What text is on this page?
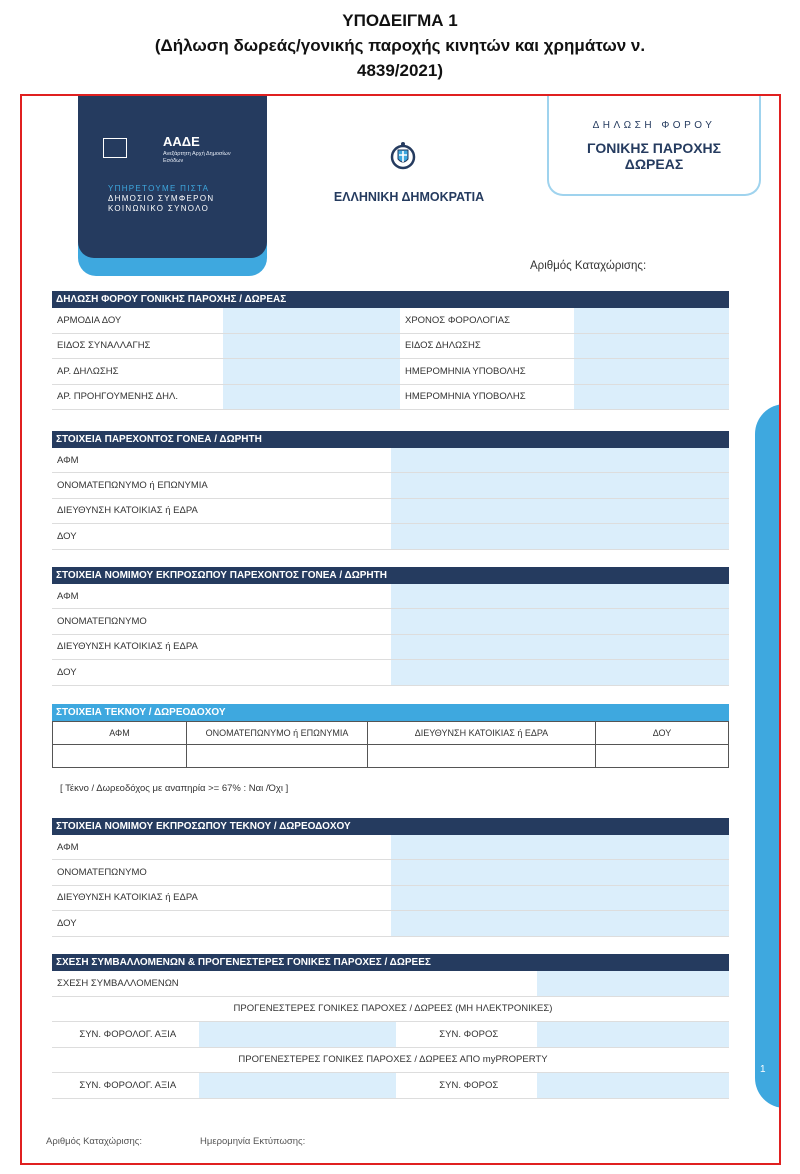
ΥΠΟΔΕΙΓΜΑ 1
(Δήλωση δωρεάς/γονικής παροχής κινητών και χρημάτων ν.
4839/2021)
ΑΑΔΕ
Ανεξάρτητη Αρχή Δημοσίων Εσόδων
ΥΠΗΡΕΤΟΥΜΕ ΠΙΣΤΑ
ΔΗΜΟΣΙΟ ΣΥΜΦΕΡΟΝ
ΚΟΙΝΩΝΙΚΟ ΣΥΝΟΛΟ
ΕΛΛΗΝΙΚΗ ΔΗΜΟΚΡΑΤΙΑ
ΔΗΛΩΣΗ ΦΟΡΟΥ
ΓΟΝΙΚΗΣ ΠΑΡΟΧΗΣ
ΔΩΡΕΑΣ
Αριθμός Καταχώρισης:
1
ΔΗΛΩΣΗ ΦΟΡΟΥ ΓΟΝΙΚΗΣ ΠΑΡΟΧΗΣ / ΔΩΡΕΑΣ
ΑΡΜΟΔΙΑ ΔΟΥ		ΧΡΟΝΟΣ ΦΟΡΟΛΟΓΙΑΣ	
ΕΙΔΟΣ ΣΥΝΑΛΛΑΓΗΣ		ΕΙΔΟΣ ΔΗΛΩΣΗΣ	
ΑΡ. ΔΗΛΩΣΗΣ		ΗΜΕΡΟΜΗΝΙΑ ΥΠΟΒΟΛΗΣ	
ΑΡ. ΠΡΟΗΓΟΥΜΕΝΗΣ ΔΗΛ.		ΗΜΕΡΟΜΗΝΙΑ ΥΠΟΒΟΛΗΣ	
ΣΤΟΙΧΕΙΑ ΠΑΡΕΧΟΝΤΟΣ ΓΟΝΕΑ / ΔΩΡΗΤΗ
ΑΦΜ	
ΟΝΟΜΑΤΕΠΩΝΥΜΟ ή ΕΠΩΝΥΜΙΑ	
ΔΙΕΥΘΥΝΣΗ ΚΑΤΟΙΚΙΑΣ ή ΕΔΡΑ	
ΔΟΥ	
ΣΤΟΙΧΕΙΑ ΝΟΜΙΜΟΥ ΕΚΠΡΟΣΩΠΟΥ ΠΑΡΕΧΟΝΤΟΣ ΓΟΝΕΑ / ΔΩΡΗΤΗ
ΑΦΜ	
ΟΝΟΜΑΤΕΠΩΝΥΜΟ	
ΔΙΕΥΘΥΝΣΗ ΚΑΤΟΙΚΙΑΣ ή ΕΔΡΑ	
ΔΟΥ	
ΣΤΟΙΧΕΙΑ ΤΕΚΝΟΥ / ΔΩΡΕΟΔΟΧΟΥ
ΑΦΜ	ΟΝΟΜΑΤΕΠΩΝΥΜΟ ή ΕΠΩΝΥΜΙΑ	ΔΙΕΥΘΥΝΣΗ ΚΑΤΟΙΚΙΑΣ ή ΕΔΡΑ	ΔΟΥ

[ Τέκνο / Δωρεοδόχος με αναπηρία >= 67% : Ναι /Όχι ]
ΣΤΟΙΧΕΙΑ ΝΟΜΙΜΟΥ ΕΚΠΡΟΣΩΠΟΥ ΤΕΚΝΟΥ / ΔΩΡΕΟΔΟΧΟΥ
ΑΦΜ	
ΟΝΟΜΑΤΕΠΩΝΥΜΟ	
ΔΙΕΥΘΥΝΣΗ ΚΑΤΟΙΚΙΑΣ ή ΕΔΡΑ	
ΔΟΥ	
ΣΧΕΣΗ ΣΥΜΒΑΛΛΟΜΕΝΩΝ & ΠΡΟΓΕΝΕΣΤΕΡΕΣ ΓΟΝΙΚΕΣ ΠΑΡΟΧΕΣ / ΔΩΡΕΕΣ
ΣΧΕΣΗ ΣΥΜΒΑΛΛΟΜΕΝΩΝ			
ΠΡΟΓΕΝΕΣΤΕΡΕΣ ΓΟΝΙΚΕΣ ΠΑΡΟΧΕΣ / ΔΩΡΕΕΣ (ΜΗ ΗΛΕΚΤΡΟΝΙΚΕΣ)			
ΣΥΝ. ΦΟΡΟΛΟΓ. ΑΞΙΑ		ΣΥΝ. ΦΟΡΟΣ	
ΠΡΟΓΕΝΕΣΤΕΡΕΣ ΓΟΝΙΚΕΣ ΠΑΡΟΧΕΣ / ΔΩΡΕΕΣ ΑΠΟ myPROPERTY			
ΣΥΝ. ΦΟΡΟΛΟΓ. ΑΞΙΑ		ΣΥΝ. ΦΟΡΟΣ	
Αριθμός Καταχώρισης:	Ημερομηνία Εκτύπωσης:
